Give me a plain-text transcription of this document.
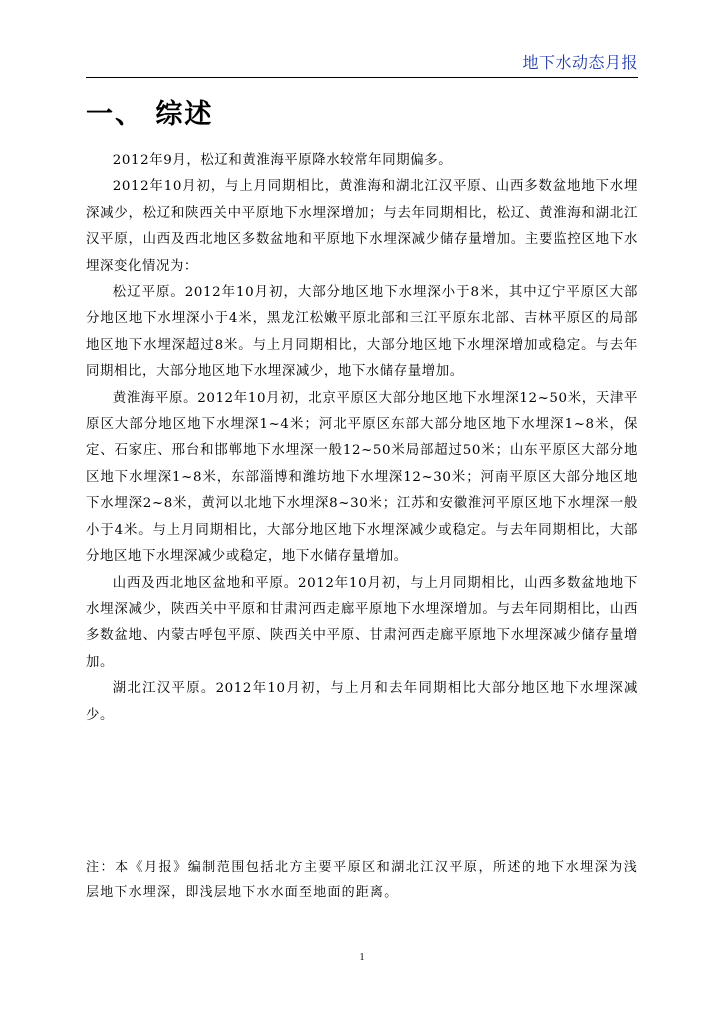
地下水动态月报
一、 综述

2012年9月，松辽和黄淮海平原降水较常年同期偏多。

2012年10月初，与上月同期相比，黄淮海和湖北江汉平原、山西多数盆地地下水埋深减少，松辽和陕西关中平原地下水埋深增加；与去年同期相比，松辽、黄淮海和湖北江汉平原，山西及西北地区多数盆地和平原地下水埋深减少储存量增加。主要监控区地下水埋深变化情况为：

松辽平原。2012年10月初，大部分地区地下水埋深小于8米，其中辽宁平原区大部分地区地下水埋深小于4米，黑龙江松嫩平原北部和三江平原东北部、吉林平原区的局部地区地下水埋深超过8米。与上月同期相比，大部分地区地下水埋深增加或稳定。与去年同期相比，大部分地区地下水埋深减少，地下水储存量增加。

黄淮海平原。2012年10月初，北京平原区大部分地区地下水埋深12~50米，天津平原区大部分地区地下水埋深1~4米；河北平原区东部大部分地区地下水埋深1~8米，保定、石家庄、邢台和邯郸地下水埋深一般12~50米局部超过50米；山东平原区大部分地区地下水埋深1~8米，东部淄博和潍坊地下水埋深12~30米；河南平原区大部分地区地下水埋深2~8米，黄河以北地下水埋深8~30米；江苏和安徽淮河平原区地下水埋深一般小于4米。与上月同期相比，大部分地区地下水埋深减少或稳定。与去年同期相比，大部分地区地下水埋深减少或稳定，地下水储存量增加。

山西及西北地区盆地和平原。2012年10月初，与上月同期相比，山西多数盆地地下水埋深减少，陕西关中平原和甘肃河西走廊平原地下水埋深增加。与去年同期相比，山西多数盆地、内蒙古呼包平原、陕西关中平原、甘肃河西走廊平原地下水埋深减少储存量增加。

湖北江汉平原。2012年10月初，与上月和去年同期相比大部分地区地下水埋深减少。

注：本《月报》编制范围包括北方主要平原区和湖北江汉平原，所述的地下水埋深为浅层地下水埋深，即浅层地下水水面至地面的距离。

1
